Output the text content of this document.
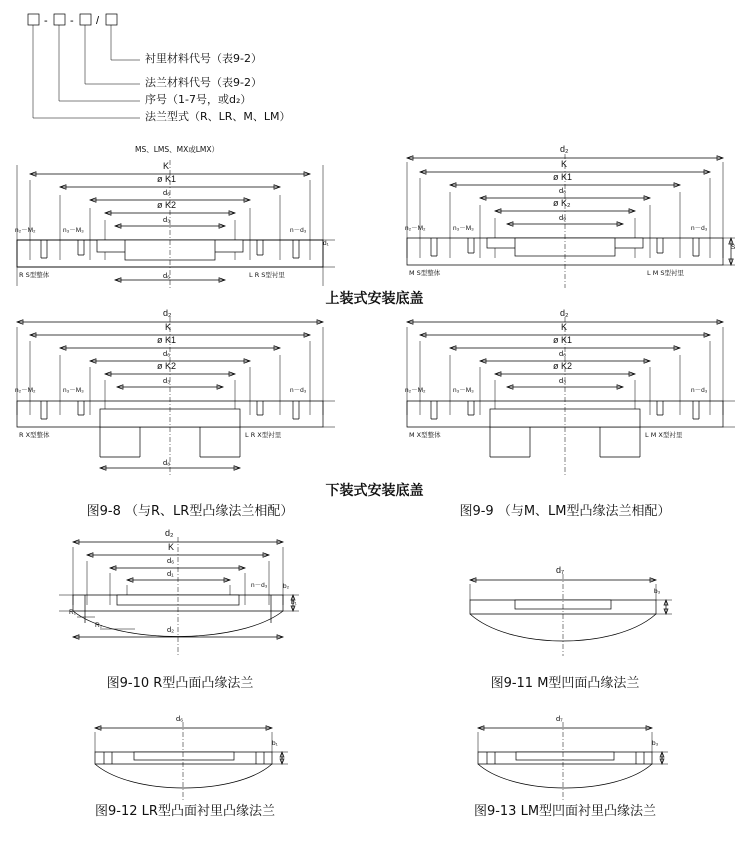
- - /
衬里材料代号（表9-2）
法兰材料代号（表9-2）
序号（1-7号，或d₂）
法兰型式（R、LR、M、LM）
MS、LMS、MX或LMX）
K
ø K1
d₆
ø K2
d₃
d₆
n₂－M₂	n₃－M₃	n－d₃
d₁
R S型整体	L R S型衬里
d₂
K
ø K1
d₆
ø K₂
d₉
n₂－M₂	n₃－M₃	n－d₃
S
M S型整体	L M S型衬里
上装式安装底盖
d₂
K
ø K1
d₆
ø K2
d₃
d₈
n₂－M₂	n₃－M₃	n－d₃
R X型整体	L R X型衬里
d₂
K
ø K1
d₆
ø K2
d₃
n₂－M₂	n₃－M₃	n－d₃
M X型整体	L M X型衬里
下装式安装底盖
图9-8 （与R、LR型凸缘法兰相配）	图9-9 （与M、LM型凸缘法兰相配）
d₂
K
d₆
d₁
n－d₃
R₁
R₂	d₂
b₂
b₁
图9-10 R型凸面凸缘法兰
d₇
b₃
图9-11 M型凹面凸缘法兰
d₆
b₁
图9-12 LR型凸面衬里凸缘法兰
d₇
b₃
图9-13 LM型凹面衬里凸缘法兰
